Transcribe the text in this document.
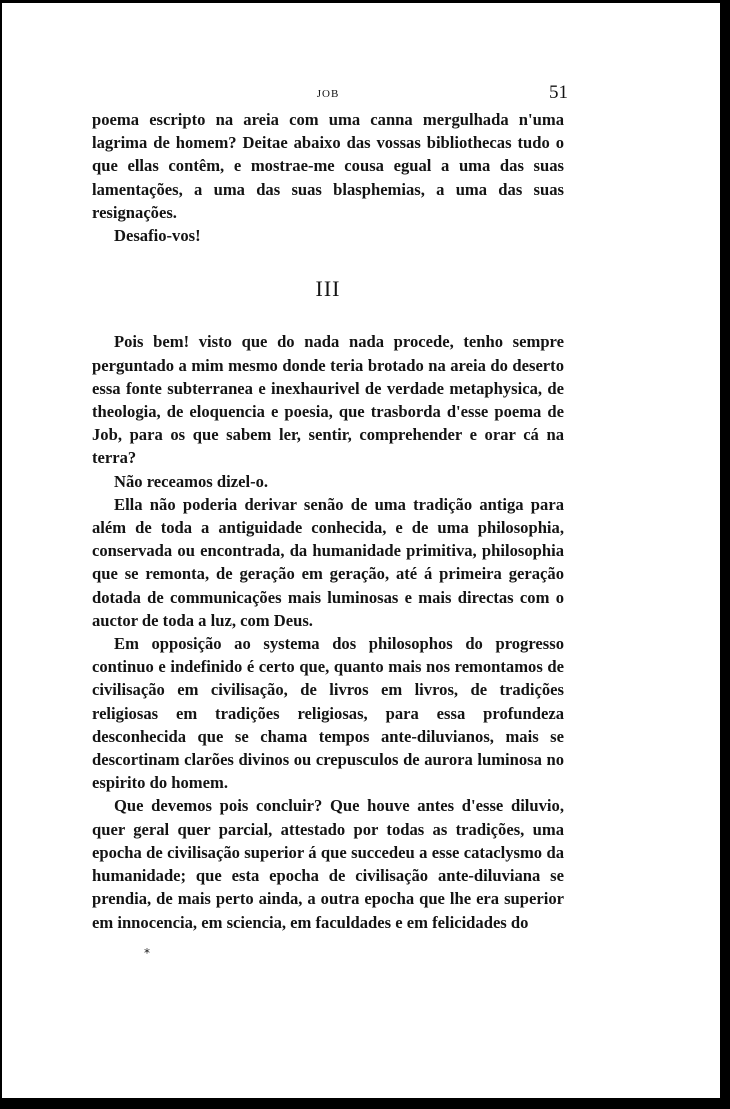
JOB	51

poema escripto na areia com uma canna mergulhada n'uma lagrima de homem? Deitae abaixo das vossas bibliothecas tudo o que ellas contêm, e mostrae-me cousa egual a uma das suas lamentações, a uma das suas blasphemias, a uma das suas resignações.

Desafio-vos!

III

Pois bem! visto que do nada nada procede, tenho sempre perguntado a mim mesmo donde teria brotado na areia do deserto essa fonte subterranea e inexhaurivel de verdade metaphysica, de theologia, de eloquencia e poesia, que trasborda d'esse poema de Job, para os que sabem ler, sentir, comprehender e orar cá na terra?

Não receamos dizel-o.

Ella não poderia derivar senão de uma tradição antiga para além de toda a antiguidade conhecida, e de uma philosophia, conservada ou encontrada, da humanidade primitiva, philosophia que se remonta, de geração em geração, até á primeira geração dotada de communicações mais luminosas e mais directas com o auctor de toda a luz, com Deus.

Em opposição ao systema dos philosophos do progresso continuo e indefinido é certo que, quanto mais nos remontamos de civilisação em civilisação, de livros em livros, de tradições religiosas em tradições religiosas, para essa profundeza desconhecida que se chama tempos ante-diluvianos, mais se descortinam clarões divinos ou crepusculos de aurora luminosa no espirito do homem.

Que devemos pois concluir? Que houve antes d'esse diluvio, quer geral quer parcial, attestado por todas as tradições, uma epocha de civilisação superior á que succedeu a esse cataclysmo da humanidade; que esta epocha de civilisação ante-diluviana se prendia, de mais perto ainda, a outra epocha que lhe era superior em innocencia, em sciencia, em faculdades e em felicidades do

*
